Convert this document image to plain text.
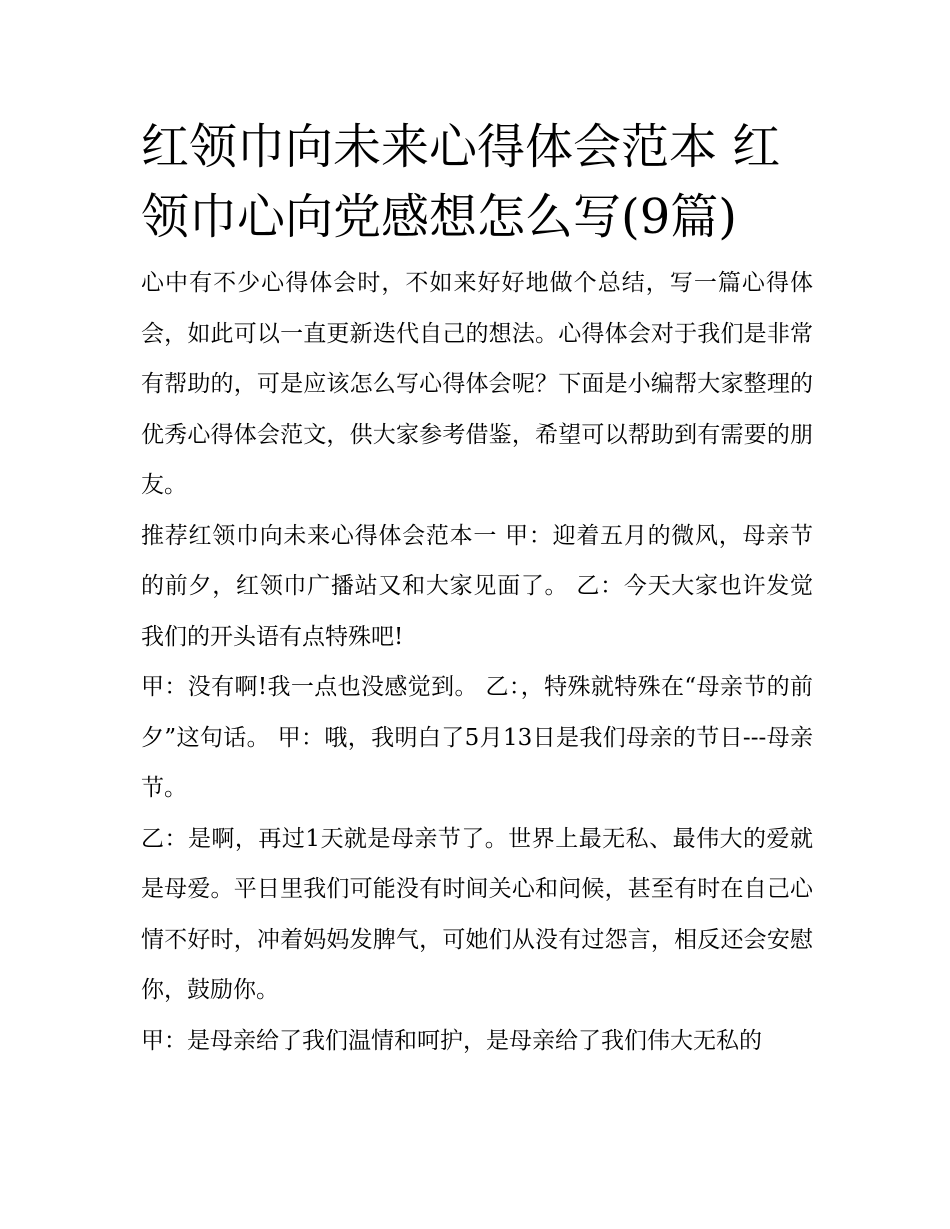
红领巾向未来心得体会范本 红领巾心向党感想怎么写(9篇)

心中有不少心得体会时，不如来好好地做个总结，写一篇心得体会，如此可以一直更新迭代自己的想法。心得体会对于我们是非常有帮助的，可是应该怎么写心得体会呢？下面是小编帮大家整理的优秀心得体会范文，供大家参考借鉴，希望可以帮助到有需要的朋友。

推荐红领巾向未来心得体会范本一 甲：迎着五月的微风，母亲节的前夕，红领巾广播站又和大家见面了。 乙：今天大家也许发觉我们的开头语有点特殊吧!

甲：没有啊!我一点也没感觉到。 乙：，特殊就特殊在“母亲节的前夕”这句话。 甲：哦，我明白了5月13日是我们母亲的节日---母亲节。

乙：是啊，再过1天就是母亲节了。世界上最无私、最伟大的爱就是母爱。平日里我们可能没有时间关心和问候，甚至有时在自己心情不好时，冲着妈妈发脾气，可她们从没有过怨言，相反还会安慰你，鼓励你。

甲：是母亲给了我们温情和呵护，是母亲给了我们伟大无私的
